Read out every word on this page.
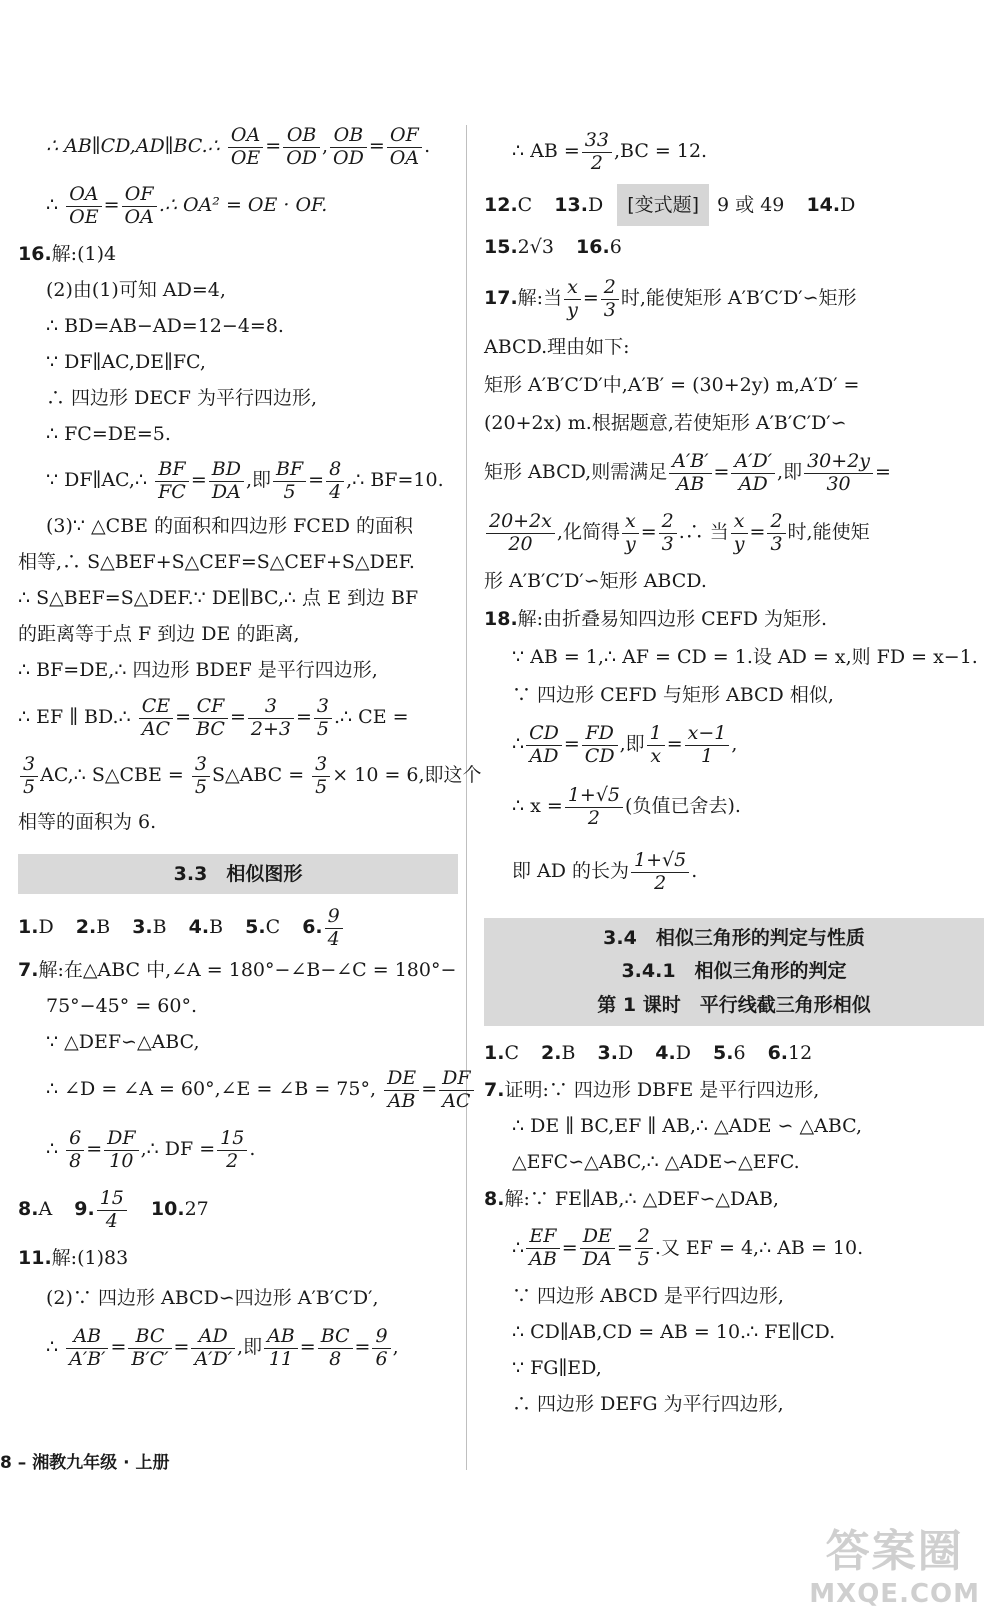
∴ AB∥CD,AD∥BC.∴ $\frac{OA}{OE} = \frac{OB}{OD}$ , $\frac{OB}{OD} = \frac{OF}{OA}$ .
∴ $\frac{OA}{OE} = \frac{OF}{OA}$ .∴ OA² = OE · OF.
16.解:(1)4
(2)由(1)可知 AD=4,
∴ BD=AB−AD=12−4=8.
∵ DF∥AC,DE∥FC,
∴ 四边形 DECF 为平行四边形,
∴ FC=DE=5.
∵ DF∥AC,∴ $\frac{BF}{FC} = \frac{BD}{DA}$ ,即 $\frac{BF}{5} = \frac{8}{4}$ ,∴ BF=10.
(3)∵ △CBE 的面积和四边形 FCED 的面积
相等,∴ S△BEF+S△CEF=S△CEF+S△DEF.
∴ S△BEF=S△DEF.∵ DE∥BC,∴ 点 E 到边 BF
的距离等于点 F 到边 DE 的距离,
∴ BF=DE,∴ 四边形 BDEF 是平行四边形,
∴ EF ∥ BD.∴ $\frac{CE}{AC} = \frac{CF}{BC} = \frac{3}{2+3} = \frac{3}{5}$ .∴ CE =
$\frac{3}{5}$ AC,∴ S△CBE = $\frac{3}{5}$ S△ABC = $\frac{3}{5} \times 10 = 6$,即这个
相等的面积为 6.
3.3　相似图形
1.D 2.B 3.B 4.B 5.C 6. $\frac{9}{4}$
7.解:在△ABC 中,∠A = 180°−∠B−∠C = 180°−
75°−45° = 60°.
∵ △DEF∽△ABC,
∴ ∠D = ∠A = 60°,∠E = ∠B = 75°, $\frac{DE}{AB} = \frac{DF}{AC}$
∴ $\frac{6}{8} = \frac{DF}{10}$ ,∴ DF = $\frac{15}{2}$ .
8.A 9. $\frac{15}{4} 10.27$
11.解:(1)83
(2)∵ 四边形 ABCD∽四边形 A′B′C′D′,
∴ $\frac{AB}{A'B'} = \frac{BC}{B'C'} = \frac{AD}{A'D'}$ ,即 $\frac{AB}{11} = \frac{BC}{8} = \frac{9}{6}$ ,
∴ AB = $\frac{33}{2} ,BC = 12$.
12.C 13.D [变式题] 9 或 49 14.D
15.2√3 16.6
17.解:当 $\frac{x}{y} = \frac{2}{3}$ 时,能使矩形 A′B′C′D′∽矩形
ABCD.理由如下:
矩形 A′B′C′D′中,A′B′ = (30+2y) m,A′D′ =
(20+2x) m.根据题意,若使矩形 A′B′C′D′∽
矩形 ABCD,则需满足 $\frac{A'B'}{AB} = \frac{A'D'}{AD}$ ,即 $\frac{30+2y}{30}$ =
$\frac{20+2x}{20}$ ,化简得 $\frac{x}{y} = \frac{2}{3}$ .∴ 当 $\frac{x}{y} = \frac{2}{3}$ 时,能使矩
形 A′B′C′D′∽矩形 ABCD.
18.解:由折叠易知四边形 CEFD 为矩形.
∵ AB = 1,∴ AF = CD = 1.设 AD = x,则 FD = x−1.
∵ 四边形 CEFD 与矩形 ABCD 相似,
∴ $\frac{CD}{AD} = \frac{FD}{CD}$ ,即 $\frac{1}{x} = \frac{x-1}{1}$ ,
∴ $x = \frac{1+√5}{2}$ (负值已舍去).
即 AD 的长为 $\frac{1+√5}{2}$ .
3.4　相似三角形的判定与性质
3.4.1　相似三角形的判定
第 1 课时　平行线截三角形相似
1.C 2.B 3.D 4.D 5.6 6.12
7.证明:∵ 四边形 DBFE 是平行四边形,
∴ DE ∥ BC,EF ∥ AB,∴ △ADE ∽ △ABC,
△EFC∽△ABC,∴ △ADE∽△EFC.
8.解:∵ FE∥AB,∴ △DEF∽△DAB,
∴ $\frac{EF}{AB} = \frac{DE}{DA} = \frac{2}{5}$ .又 EF = 4,∴ AB = 10.
∵ 四边形 ABCD 是平行四边形,
∴ CD∥AB,CD = AB = 10.∴ FE∥CD.
∵ FG∥ED,
∴ 四边形 DEFG 为平行四边形,
8 – 湘教九年级 · 上册
答案圈
MXQE.COM
